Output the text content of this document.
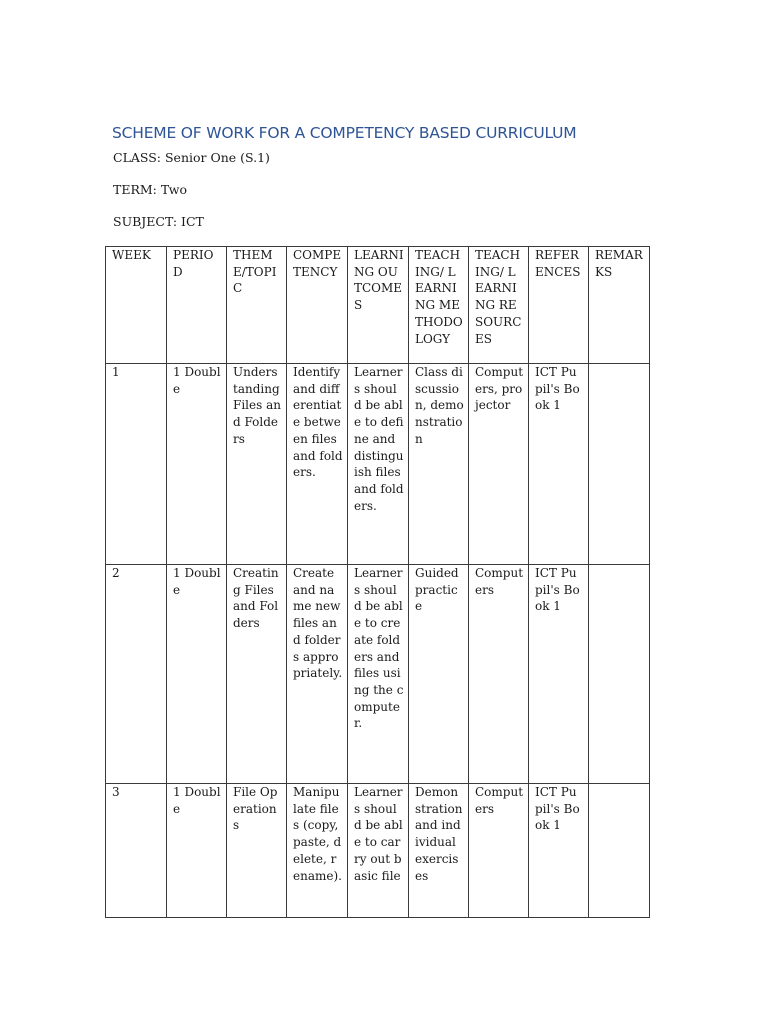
SCHEME OF WORK FOR A COMPETENCY BASED CURRICULUM

CLASS: Senior One (S.1)

TERM: Two

SUBJECT: ICT

WEEK	PERIOD	THEME/TOPIC	COMPETENCY	LEARNING OUTCOMES	TEACHING/ LEARNING METHODOLOGY	TEACHING/ LEARNING RESOURCES	REFERENCES	REMARKS
1	1 Double	Understanding Files and Folders	Identify and differentiate between files and folders.	Learners should be able to define and distinguish files and folders.	Class discussion, demonstration	Computers, projector	ICT Pupil's Book 1	
2	1 Double	Creating Files and Folders	Create and name new files and folders appropriately.	Learners should be able to create folders and files using the computer.	Guided practice	Computers	ICT Pupil's Book 1	
3	1 Double	File Operations	Manipulate files (copy, paste, delete, rename).	Learners should be able to carry out basic file	Demonstration and individual exercises	Computers	ICT Pupil's Book 1	
